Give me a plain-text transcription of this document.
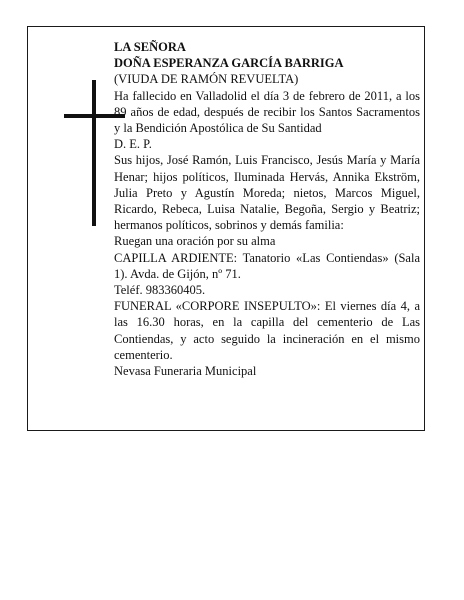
LA SEÑORA
DOÑA ESPERANZA GARCÍA BARRIGA
(VIUDA DE RAMÓN REVUELTA)
Ha fallecido en Valladolid el día 3 de febrero de 2011, a los 89 años de edad, después de recibir los Santos Sacramentos y la Bendición Apostólica de Su Santidad
D. E. P.
Sus hijos, José Ramón, Luis Francisco, Jesús María y María Henar; hijos políticos, Iluminada Hervás, Annika Ekström, Julia Preto y Agustín Moreda; nietos, Marcos Miguel, Ricardo, Rebeca, Luisa Natalie, Begoña, Sergio y Beatriz; hermanos políticos, sobrinos y demás familia:
Ruegan una oración por su alma
CAPILLA ARDIENTE: Tanatorio «Las Contiendas» (Sala 1). Avda. de Gijón, nº 71.
Teléf. 983360405.
FUNERAL «CORPORE INSEPULTO»: El viernes día 4, a las 16.30 horas, en la capilla del cementerio de Las Contiendas, y acto seguido la incineración en el mismo cementerio.
Nevasa Funeraria Municipal
